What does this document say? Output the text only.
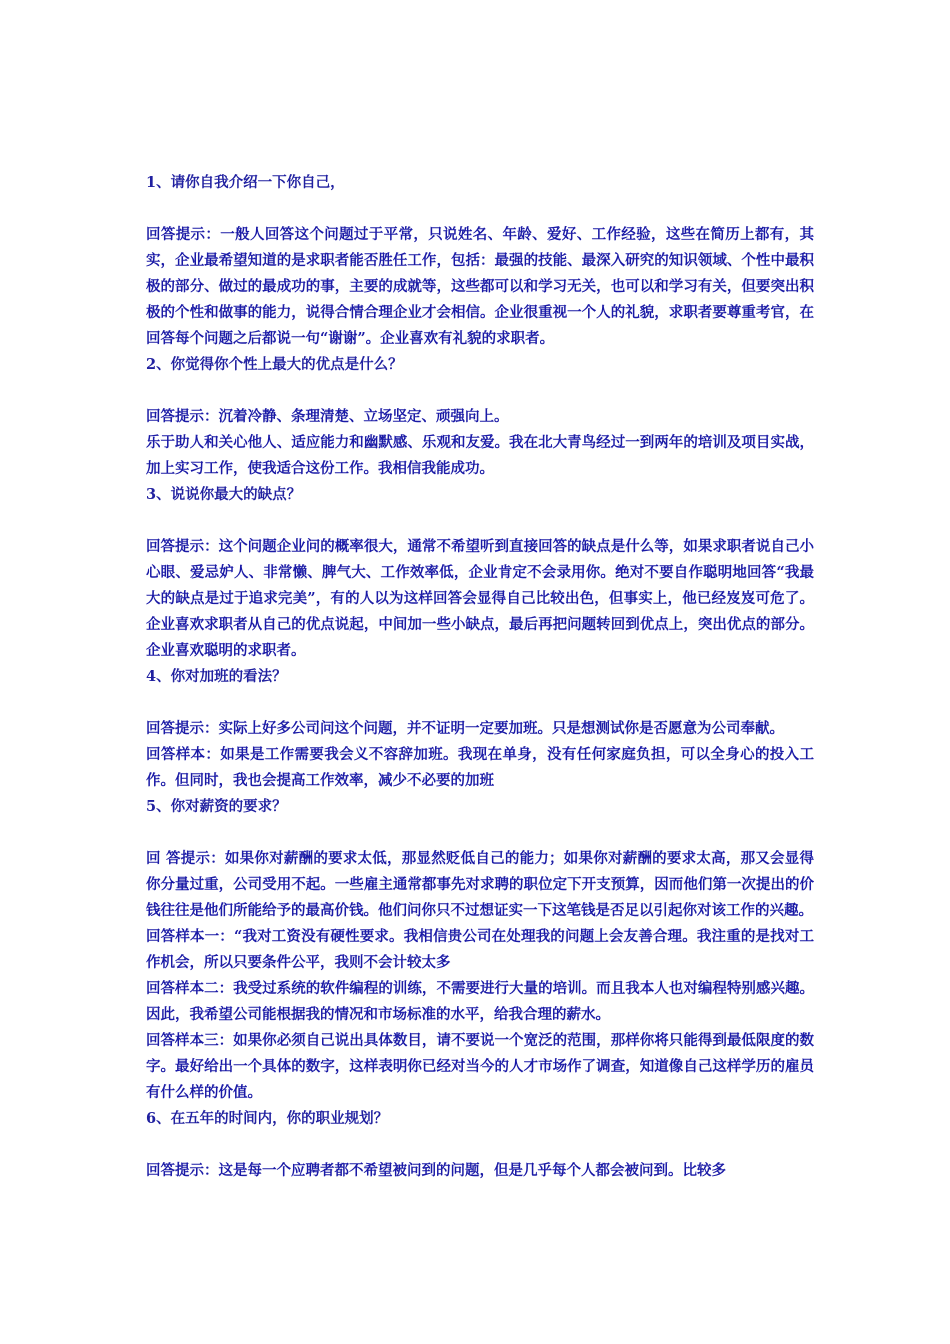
1、请你自我介绍一下你自己，

回答提示：一般人回答这个问题过于平常，只说姓名、年龄、爱好、工作经验，这些在简历上都有，其实，企业最希望知道的是求职者能否胜任工作，包括：最强的技能、最深入研究的知识领域、个性中最积极的部分、做过的最成功的事，主要的成就等，这些都可以和学习无关，也可以和学习有关，但要突出积极的个性和做事的能力，说得合情合理企业才会相信。企业很重视一个人的礼貌，求职者要尊重考官，在回答每个问题之后都说一句“谢谢”。企业喜欢有礼貌的求职者。

2、你觉得你个性上最大的优点是什么？

回答提示：沉着冷静、条理清楚、立场坚定、顽强向上。

乐于助人和关心他人、适应能力和幽默感、乐观和友爱。我在北大青鸟经过一到两年的培训及项目实战，加上实习工作，使我适合这份工作。我相信我能成功。

3、说说你最大的缺点？

回答提示：这个问题企业问的概率很大，通常不希望听到直接回答的缺点是什么等，如果求职者说自己小心眼、爱忌妒人、非常懒、脾气大、工作效率低，企业肯定不会录用你。绝对不要自作聪明地回答“我最大的缺点是过于追求完美”，有的人以为这样回答会显得自己比较出色，但事实上，他已经岌岌可危了。企业喜欢求职者从自己的优点说起，中间加一些小缺点，最后再把问题转回到优点上，突出优点的部分。企业喜欢聪明的求职者。

4、你对加班的看法？

回答提示：实际上好多公司问这个问题，并不证明一定要加班。只是想测试你是否愿意为公司奉献。

回答样本：如果是工作需要我会义不容辞加班。我现在单身，没有任何家庭负担，可以全身心的投入工作。但同时，我也会提高工作效率，减少不必要的加班

5、你对薪资的要求？

回 答提示：如果你对薪酬的要求太低，那显然贬低自己的能力；如果你对薪酬的要求太高，那又会显得你分量过重，公司受用不起。一些雇主通常都事先对求聘的职位定下开支预算，因而他们第一次提出的价钱往往是他们所能给予的最高价钱。他们问你只不过想证实一下这笔钱是否足以引起你对该工作的兴趣。

回答样本一：“我对工资没有硬性要求。我相信贵公司在处理我的问题上会友善合理。我注重的是找对工作机会，所以只要条件公平，我则不会计较太多

回答样本二：我受过系统的软件编程的训练，不需要进行大量的培训。而且我本人也对编程特别感兴趣。因此，我希望公司能根据我的情况和市场标准的水平，给我合理的薪水。

回答样本三：如果你必须自己说出具体数目，请不要说一个宽泛的范围，那样你将只能得到最低限度的数字。最好给出一个具体的数字，这样表明你已经对当今的人才市场作了调查，知道像自己这样学历的雇员有什么样的价值。

6、在五年的时间内，你的职业规划？

回答提示：这是每一个应聘者都不希望被问到的问题，但是几乎每个人都会被问到。比较多
